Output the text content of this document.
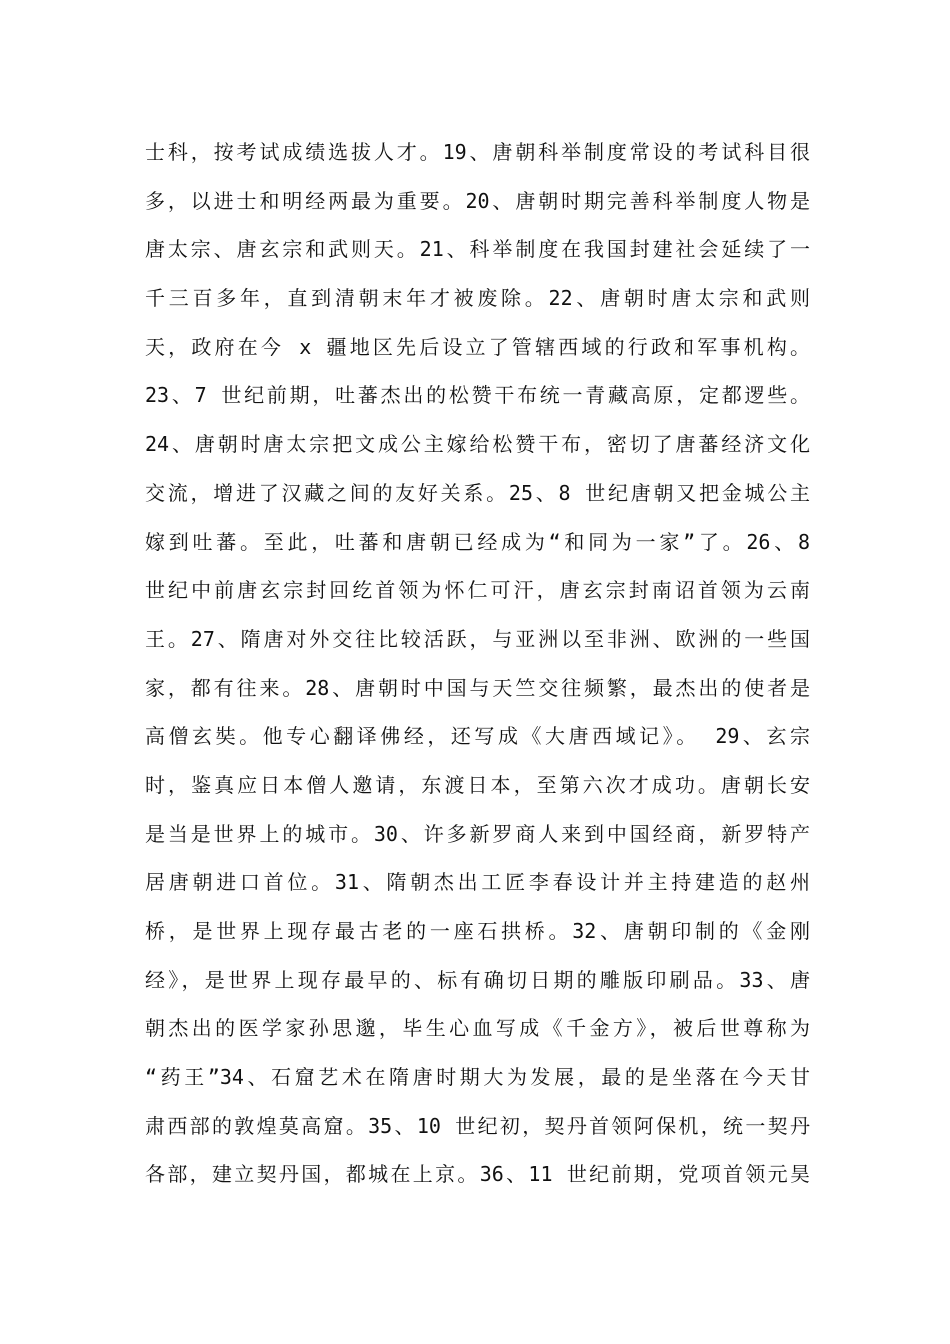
士科，按考试成绩选拔人才。19、唐朝科举制度常设的考试科目很
多，以进士和明经两最为重要。20、唐朝时期完善科举制度人物是
唐太宗、唐玄宗和武则天。21、科举制度在我国封建社会延续了一
千三百多年，直到清朝末年才被废除。22、唐朝时唐太宗和武则
天，政府在今 x 疆地区先后设立了管辖西域的行政和军事机构。
23、7 世纪前期，吐蕃杰出的松赞干布统一青藏高原，定都逻些。
24、唐朝时唐太宗把文成公主嫁给松赞干布，密切了唐蕃经济文化
交流，增进了汉藏之间的友好关系。25、8 世纪唐朝又把金城公主
嫁到吐蕃。至此，吐蕃和唐朝已经成为“和同为一家”了。26、8
世纪中前唐玄宗封回纥首领为怀仁可汗，唐玄宗封南诏首领为云南
王。27、隋唐对外交往比较活跃，与亚洲以至非洲、欧洲的一些国
家，都有往来。28、唐朝时中国与天竺交往频繁，最杰出的使者是
高僧玄奘。他专心翻译佛经，还写成《大唐西域记》。 29、玄宗
时，鉴真应日本僧人邀请，东渡日本，至第六次才成功。唐朝长安
是当是世界上的城市。30、许多新罗商人来到中国经商，新罗特产
居唐朝进口首位。31、隋朝杰出工匠李春设计并主持建造的赵州
桥，是世界上现存最古老的一座石拱桥。32、唐朝印制的《金刚
经》，是世界上现存最早的、标有确切日期的雕版印刷品。33、唐
朝杰出的医学家孙思邈，毕生心血写成《千金方》，被后世尊称为
“药王”34、石窟艺术在隋唐时期大为发展，最的是坐落在今天甘
肃西部的敦煌莫高窟。35、10 世纪初，契丹首领阿保机，统一契丹
各部，建立契丹国，都城在上京。36、11 世纪前期，党项首领元昊
